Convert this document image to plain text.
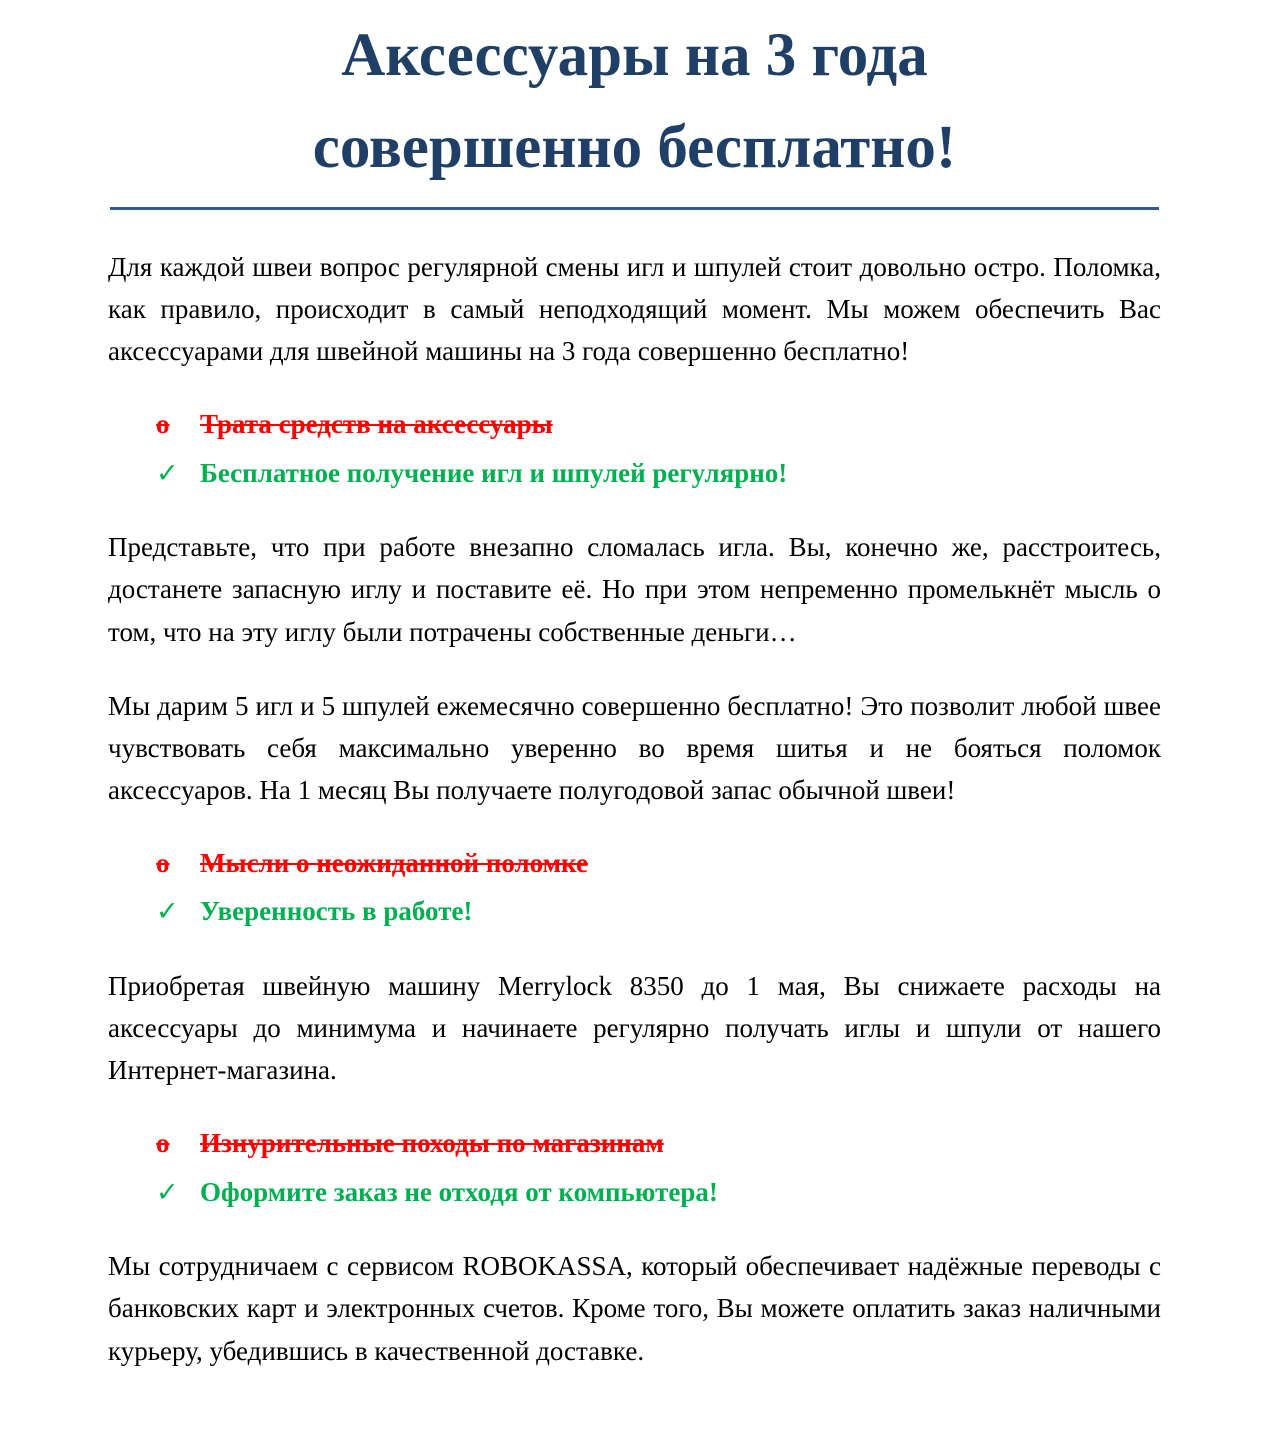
Аксессуары на 3 года
совершенно бесплатно!

Для каждой швеи вопрос регулярной смены игл и шпулей стоит довольно остро. Поломка, как правило, происходит в самый неподходящий момент. Мы можем обеспечить Вас аксессуарами для швейной машины на 3 года совершенно бесплатно!

o	Трата средств на аксессуары
✓ Бесплатное получение игл и шпулей регулярно!

Представьте, что при работе внезапно сломалась игла. Вы, конечно же, расстроитесь, достанете запасную иглу и поставите её. Но при этом непременно промелькнёт мысль о том, что на эту иглу были потрачены собственные деньги…

Мы дарим 5 игл и 5 шпулей ежемесячно совершенно бесплатно! Это позволит любой швее чувствовать себя максимально уверенно во время шитья и не бояться поломок аксессуаров. На 1 месяц Вы получаете полугодовой запас обычной швеи!

o	Мысли о неожиданной поломке
✓ Уверенность в работе!

Приобретая швейную машину Merrylock 8350 до 1 мая, Вы снижаете расходы на аксессуары до минимума и начинаете регулярно получать иглы и шпули от нашего Интернет-магазина.

o	Изнурительные походы по магазинам
✓ Оформите заказ не отходя от компьютера!

Мы сотрудничаем с сервисом ROBOKASSA, который обеспечивает надёжные переводы с банковских карт и электронных счетов. Кроме того, Вы можете оплатить заказ наличными курьеру, убедившись в качественной доставке.
